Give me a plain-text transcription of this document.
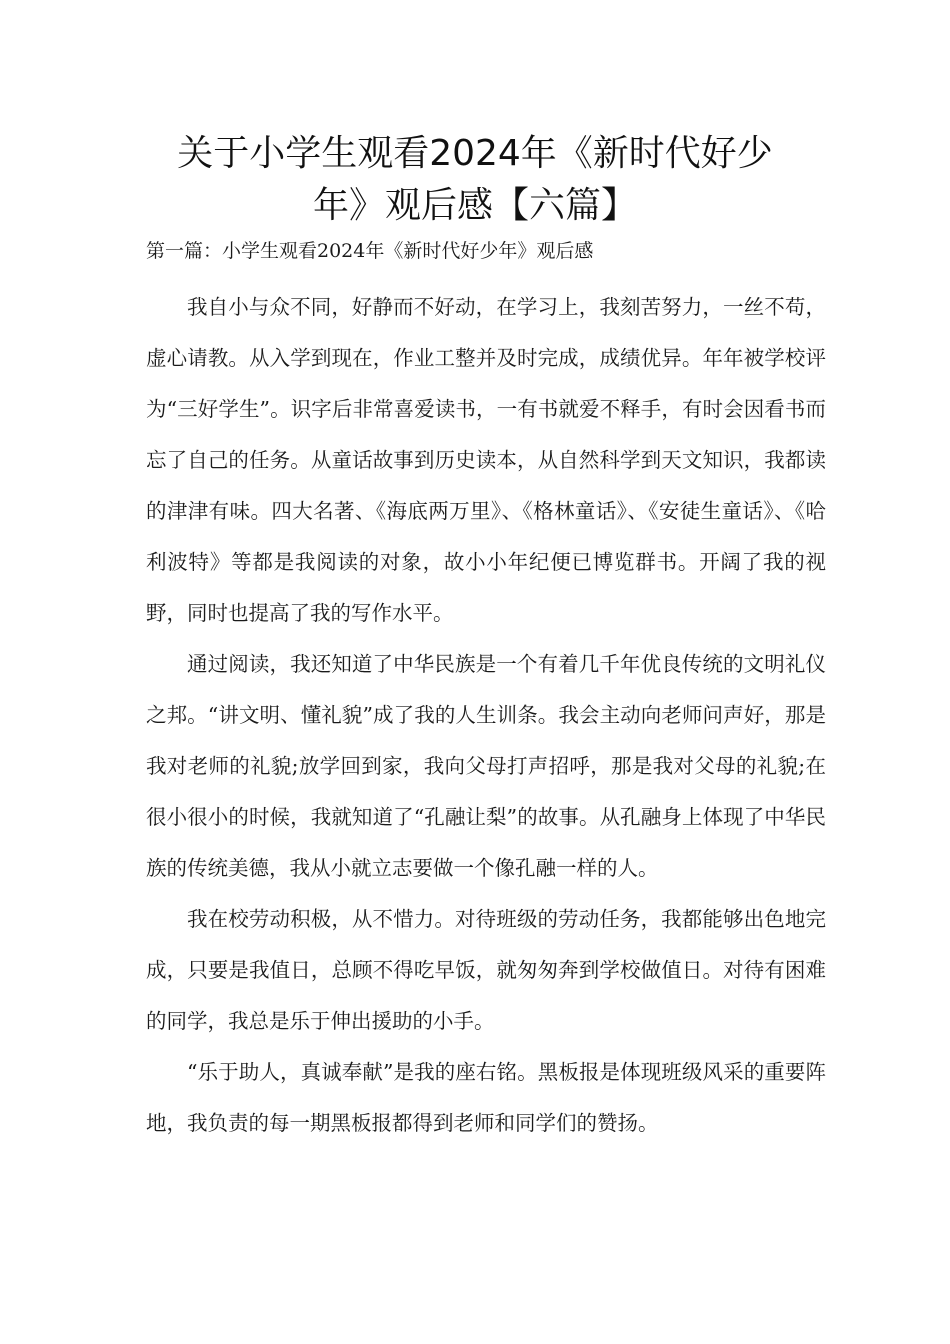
关于小学生观看2024年《新时代好少
年》观后感【六篇】

第一篇：小学生观看2024年《新时代好少年》观后感

我自小与众不同，好静而不好动，在学习上，我刻苦努力，一丝不苟，虚心请教。从入学到现在，作业工整并及时完成，成绩优异。年年被学校评为“三好学生”。识字后非常喜爱读书，一有书就爱不释手，有时会因看书而忘了自己的任务。从童话故事到历史读本，从自然科学到天文知识，我都读的津津有味。四大名著、《海底两万里》、《格林童话》、《安徒生童话》、《哈利波特》等都是我阅读的对象，故小小年纪便已博览群书。开阔了我的视野，同时也提高了我的写作水平。

通过阅读，我还知道了中华民族是一个有着几千年优良传统的文明礼仪之邦。“讲文明、懂礼貌”成了我的人生训条。我会主动向老师问声好，那是我对老师的礼貌;放学回到家，我向父母打声招呼，那是我对父母的礼貌;在很小很小的时候，我就知道了“孔融让梨”的故事。从孔融身上体现了中华民族的传统美德，我从小就立志要做一个像孔融一样的人。

我在校劳动积极，从不惜力。对待班级的劳动任务，我都能够出色地完成，只要是我值日，总顾不得吃早饭，就匆匆奔到学校做值日。对待有困难的同学，我总是乐于伸出援助的小手。

“乐于助人，真诚奉献”是我的座右铭。黑板报是体现班级风采的重要阵地，我负责的每一期黑板报都得到老师和同学们的赞扬。
